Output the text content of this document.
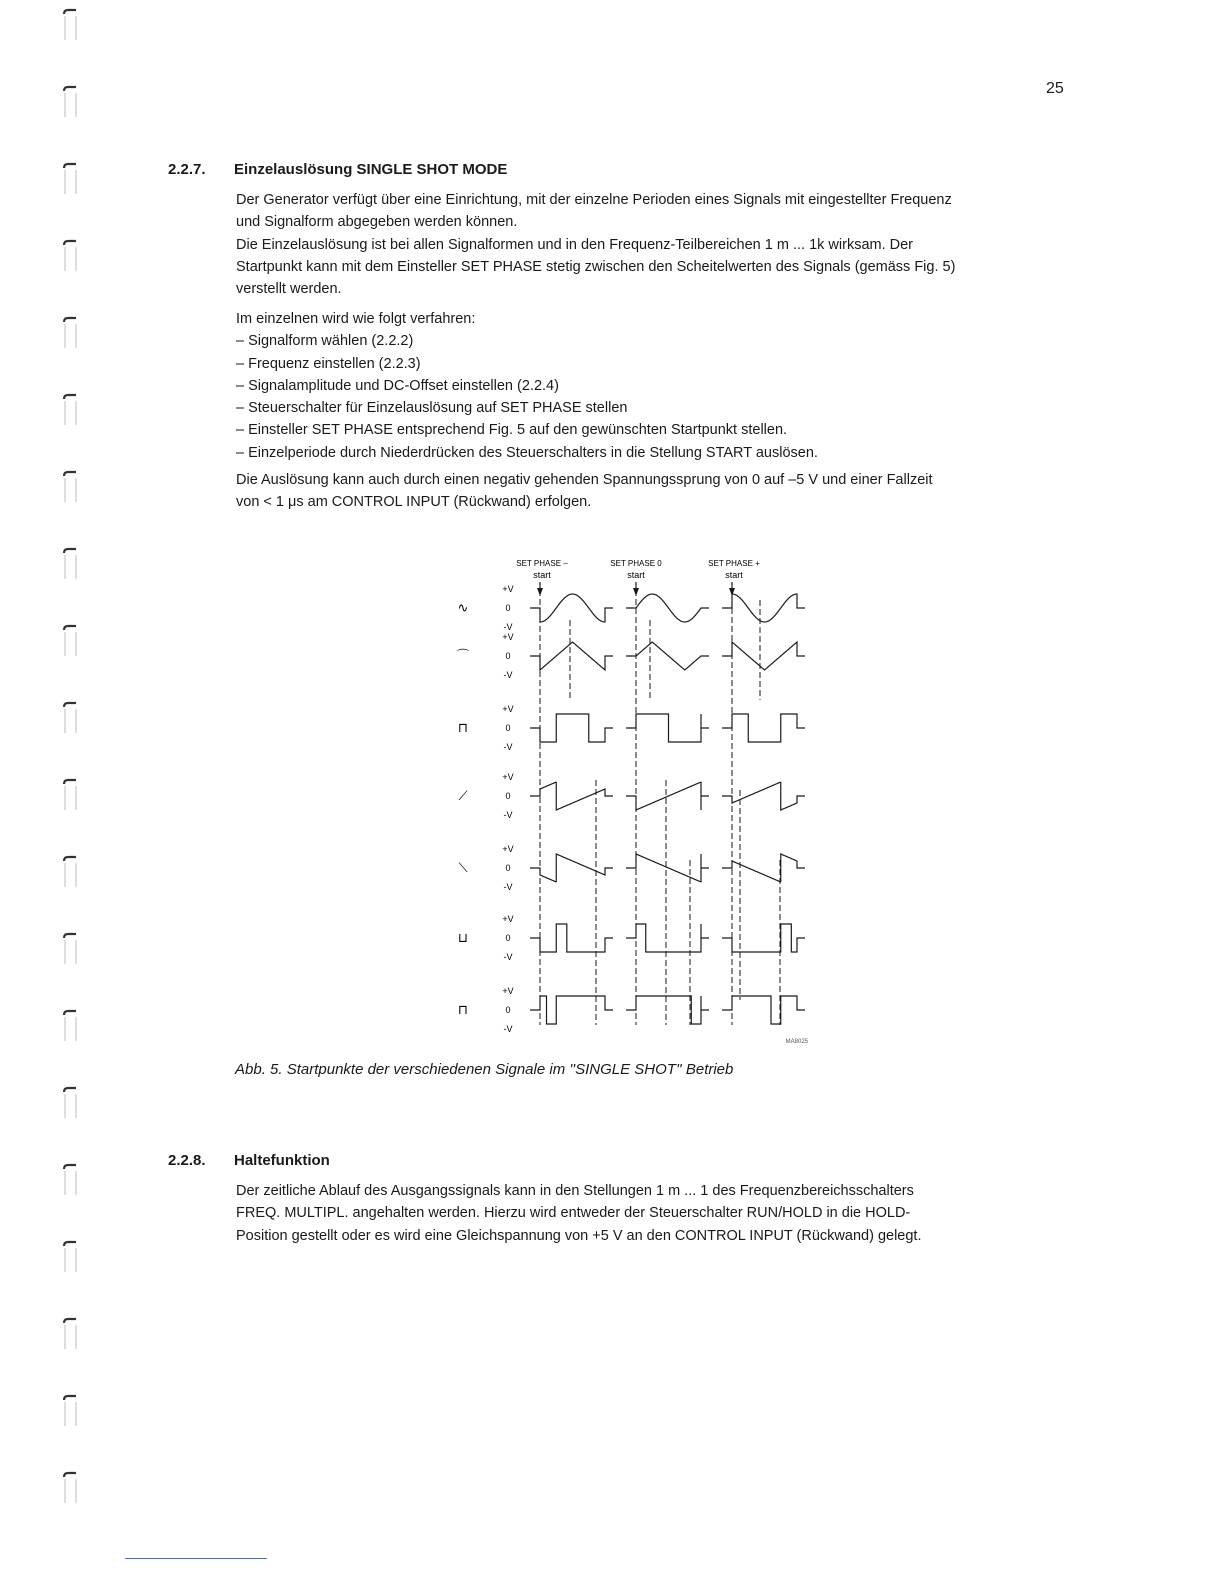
25
2.2.7. Einzelauslösung SINGLE SHOT MODE

Der Generator verfügt über eine Einrichtung, mit der einzelne Perioden eines Signals mit eingestellter Frequenz
und Signalform abgegeben werden können.
Die Einzelauslösung ist bei allen Signalformen und in den Frequenz-Teilbereichen 1 m ... 1k wirksam. Der
Startpunkt kann mit dem Einsteller SET PHASE stetig zwischen den Scheitelwerten des Signals (gemäss Fig. 5)
verstellt werden.

Im einzelnen wird wie folgt verfahren:
– Signalform wählen (2.2.2)
– Frequenz einstellen (2.2.3)
– Signalamplitude und DC-Offset einstellen (2.2.4)
– Steuerschalter für Einzelauslösung auf SET PHASE stellen
– Einsteller SET PHASE entsprechend Fig. 5 auf den gewünschten Startpunkt stellen.
– Einzelperiode durch Niederdrücken des Steuerschalters in die Stellung START auslösen.

Die Auslösung kann auch durch einen negativ gehenden Spannungssprung von 0 auf –5 V und einer Fallzeit
von < 1 μs am CONTROL INPUT (Rückwand) erfolgen.

SET PHASE –
start
SET PHASE 0
start
SET PHASE +
start
MA8025
∿
+V
0
-V
⌒
+V
0
-V
⊓
+V
0
-V
⟋
+V
0
-V
⟍
+V
0
-V
⊔
+V
0
-V
⊓
+V
0
-V
Abb. 5. Startpunkte der verschiedenen Signale im ''SINGLE SHOT'' Betrieb
2.2.8. Haltefunktion

Der zeitliche Ablauf des Ausgangssignals kann in den Stellungen 1 m ... 1 des Frequenzbereichsschalters
FREQ. MULTIPL. angehalten werden. Hierzu wird entweder der Steuerschalter RUN/HOLD in die HOLD-
Position gestellt oder es wird eine Gleichspannung von +5 V an den CONTROL INPUT (Rückwand) gelegt.
